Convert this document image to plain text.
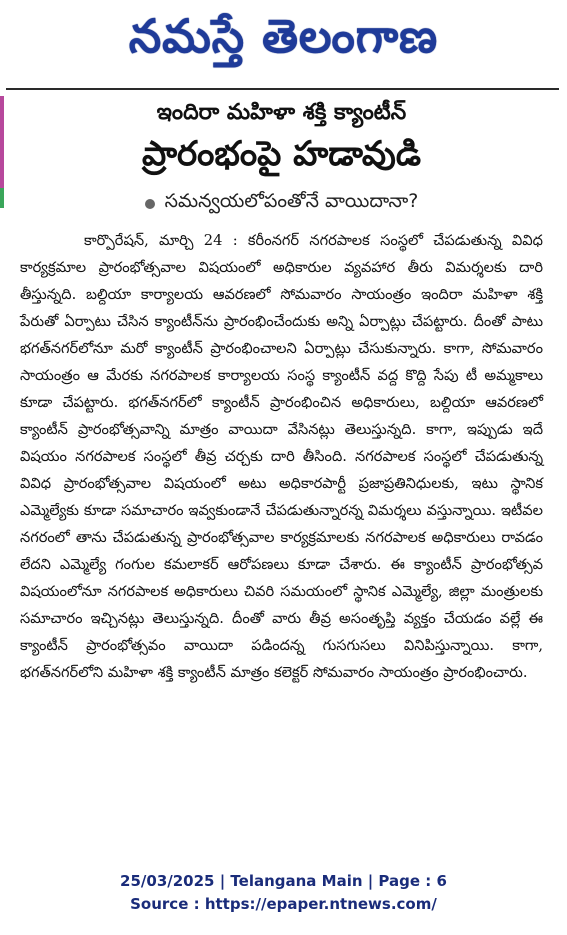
నమస్తే తెలంగాణ
ఇందిరా మహిళా శక్తి క్యాంటీన్
ప్రారంభంపై హడావుడి
సమన్వయలోపంతోనే వాయిదానా?
కార్పొరేషన్, మార్చి 24 : కరీంనగర్ నగరపాలక సంస్థలో చేపడుతున్న వివిధ కార్యక్రమాల ప్రారంభోత్సవాల విషయంలో అధికారుల వ్యవహార తీరు విమర్శలకు దారి తీస్తున్నది. బల్దియా కార్యాలయ ఆవరణలో సోమవారం సాయంత్రం ఇందిరా మహిళా శక్తి పేరుతో ఏర్పాటు చేసిన క్యాంటీన్‌ను ప్రారంభించేందుకు అన్ని ఏర్పాట్లు చేపట్టారు. దీంతో పాటు భగత్‌నగర్‌లోనూ మరో క్యాంటీన్ ప్రారంభించాలని ఏర్పాట్లు చేసుకున్నారు. కాగా, సోమవారం సాయంత్రం ఆ మేరకు నగరపాలక కార్యాలయ సంస్థ క్యాంటీన్ వద్ద కొద్ది సేపు టీ అమ్మకాలు కూడా చేపట్టారు. భగత్‌నగర్‌లో క్యాంటీన్ ప్రారంభించిన అధికారులు, బల్దియా ఆవరణలో క్యాంటీన్ ప్రారంభోత్సవాన్ని మాత్రం వాయిదా వేసినట్లు తెలుస్తున్నది. కాగా, ఇప్పుడు ఇదే విషయం నగరపాలక సంస్థలో తీవ్ర చర్చకు దారి తీసింది. నగరపాలక సంస్థలో చేపడుతున్న వివిధ ప్రారంభోత్సవాల విషయంలో అటు అధికారపార్టీ ప్రజాప్రతినిధులకు, ఇటు స్థానిక ఎమ్మెల్యేకు కూడా సమాచారం ఇవ్వకుండానే చేపడుతున్నారన్న విమర్శలు వస్తున్నాయి. ఇటీవల నగరంలో తాను చేపడుతున్న ప్రారంభోత్సవాల కార్యక్రమాలకు నగరపాలక అధికారులు రావడం లేదని ఎమ్మెల్యే గంగుల కమలాకర్ ఆరోపణలు కూడా చేశారు. ఈ క్యాంటీన్ ప్రారంభోత్సవ విషయంలోనూ నగరపాలక అధికారులు చివరి సమయంలో స్థానిక ఎమ్మెల్యే, జిల్లా మంత్రులకు సమాచారం ఇచ్చినట్లు తెలుస్తున్నది. దీంతో వారు తీవ్ర అసంతృప్తి వ్యక్తం చేయడం వల్లే ఈ క్యాంటీన్ ప్రారంభోత్సవం వాయిదా పడిందన్న గుసగుసలు వినిపిస్తున్నాయి. కాగా, భగత్‌నగర్‌లోని మహిళా శక్తి క్యాంటీన్ మాత్రం కలెక్టర్ సోమవారం సాయంత్రం ప్రారంభించారు.
25/03/2025 | Telangana Main | Page : 6
Source : https://epaper.ntnews.com/
